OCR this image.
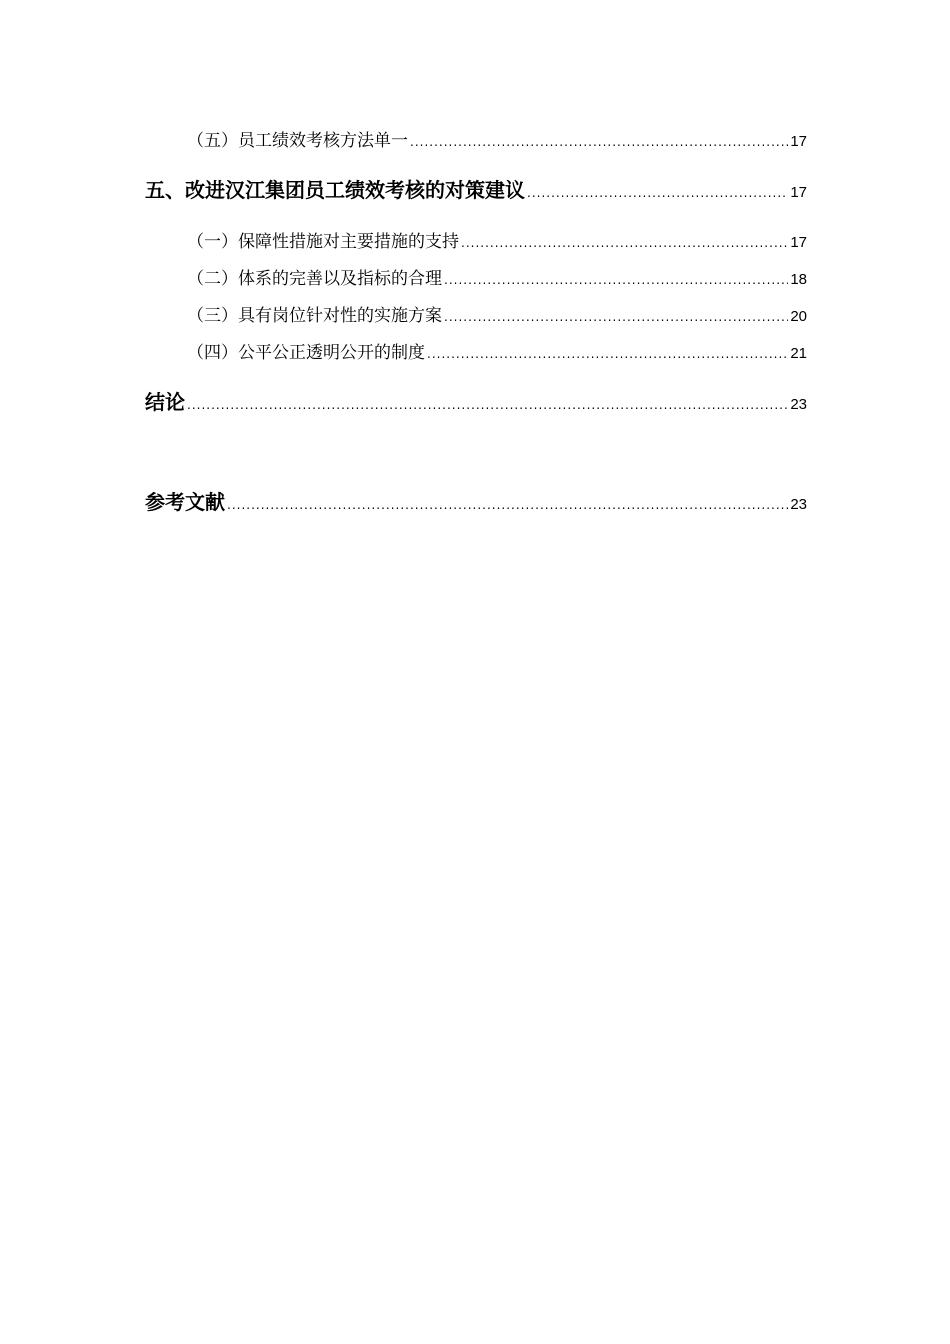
（五）员工绩效考核方法单一 .....	17
五、改进汉江集团员工绩效考核的对策建议 .....	17
（一）保障性措施对主要措施的支持 .....	17
（二）体系的完善以及指标的合理 .....	18
（三）具有岗位针对性的实施方案 .....	20
（四）公平公正透明公开的制度 .....	21
结论 .....	23
参考文献 .....	23
